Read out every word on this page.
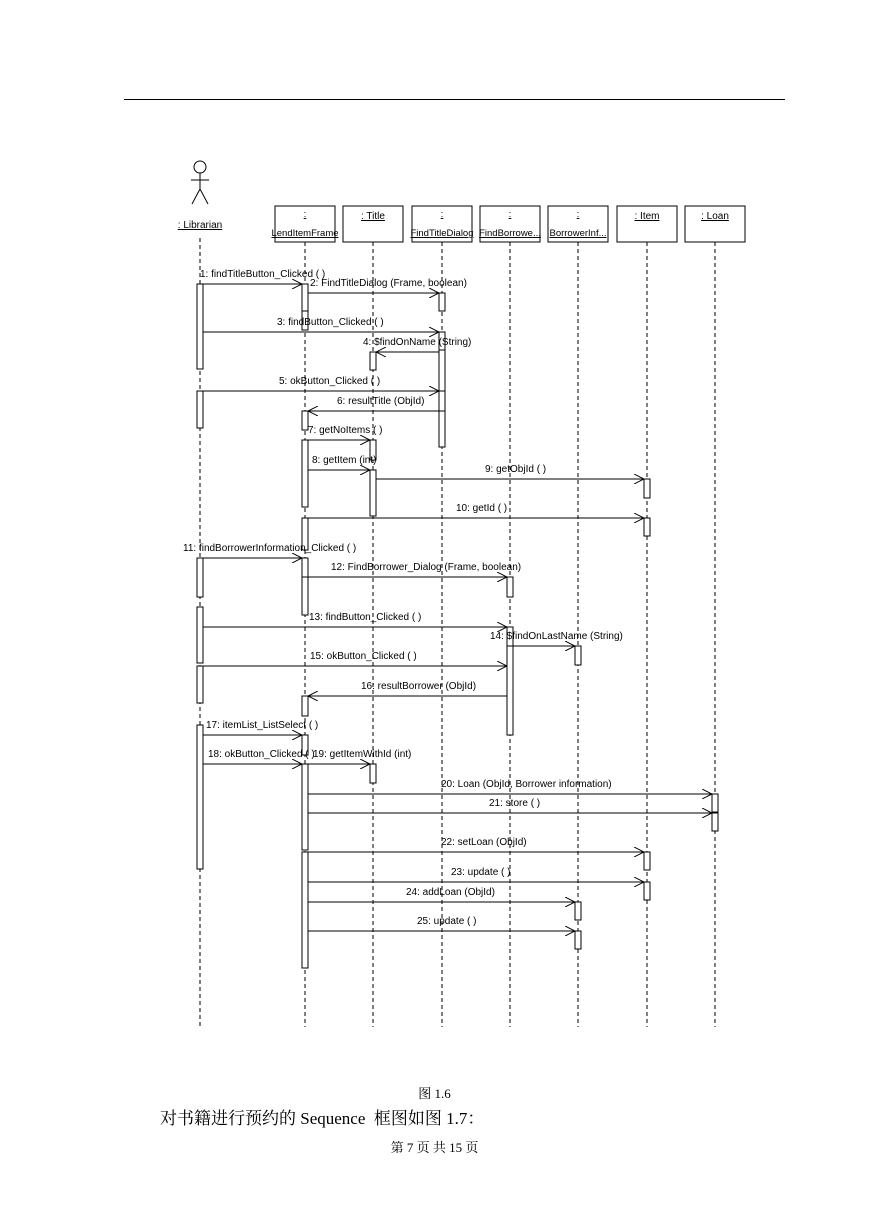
: Librarian
:
LendItemFrame
: Title	:
FindTitleDialog
:
FindBorrowe...
:
BorrowerInf...
: Item	: Loan
1: findTitleButton_Clicked ( )
2: FindTitleDialog (Frame, boolean)
3: findButton_Clicked ( )
4: $findOnName (String)
5: okButton_Clicked ( )
6: resultTitle (ObjId)
7: getNoItems ( )
8: getItem (int)
9: getObjId ( )
10: getId ( )
11: findBorrowerInformation_Clicked ( )
12: FindBorrower_Dialog (Frame, boolean)
13: findButton_Clicked ( )
14: $findOnLastName (String)
15: okButton_Clicked ( )
16: resultBorrower (ObjId)
17: itemList_ListSelect ( )
18: okButton_Clicked ( )
19: getItemWithId (int)
20: Loan (ObjId, Borrower information)
21: store ( )
22: setLoan (ObjId)
23: update ( )
24: addLoan (ObjId)
25: update ( )
图 1.6
对书籍进行预约的 Sequence  框图如图 1.7：
第 7 页 共 15 页
